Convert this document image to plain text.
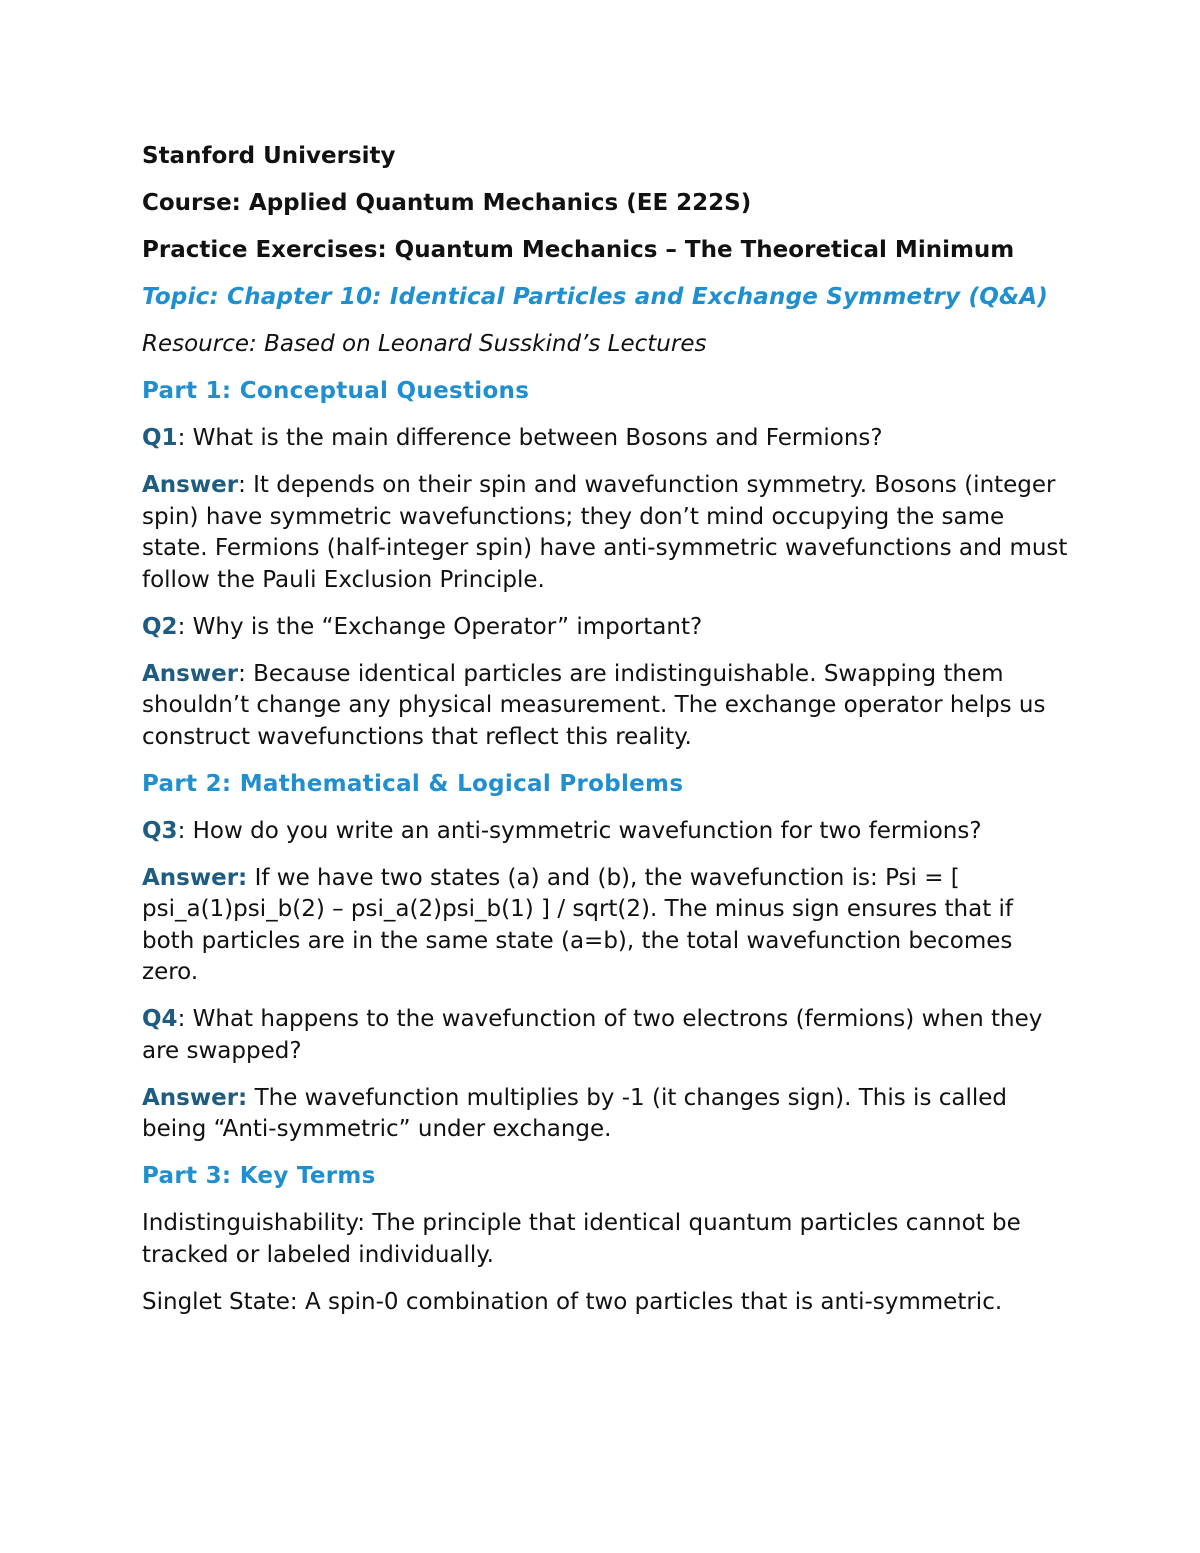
Stanford University

Course: Applied Quantum Mechanics (EE 222S)

Practice Exercises: Quantum Mechanics – The Theoretical Minimum

Topic: Chapter 10: Identical Particles and Exchange Symmetry (Q&A)

Resource: Based on Leonard Susskind’s Lectures

Part 1: Conceptual Questions

Q1: What is the main difference between Bosons and Fermions?

Answer: It depends on their spin and wavefunction symmetry. Bosons (integer spin) have symmetric wavefunctions; they don’t mind occupying the same state. Fermions (half-integer spin) have anti-symmetric wavefunctions and must follow the Pauli Exclusion Principle.

Q2: Why is the “Exchange Operator” important?

Answer: Because identical particles are indistinguishable. Swapping them shouldn’t change any physical measurement. The exchange operator helps us construct wavefunctions that reflect this reality.

Part 2: Mathematical & Logical Problems

Q3: How do you write an anti-symmetric wavefunction for two fermions?

Answer: If we have two states (a) and (b), the wavefunction is: Psi = [ psi_a(1)psi_b(2) – psi_a(2)psi_b(1) ] / sqrt(2). The minus sign ensures that if both particles are in the same state (a=b), the total wavefunction becomes zero.

Q4: What happens to the wavefunction of two electrons (fermions) when they are swapped?

Answer: The wavefunction multiplies by -1 (it changes sign). This is called being “Anti-symmetric” under exchange.

Part 3: Key Terms

Indistinguishability: The principle that identical quantum particles cannot be tracked or labeled individually.

Singlet State: A spin-0 combination of two particles that is anti-symmetric.
